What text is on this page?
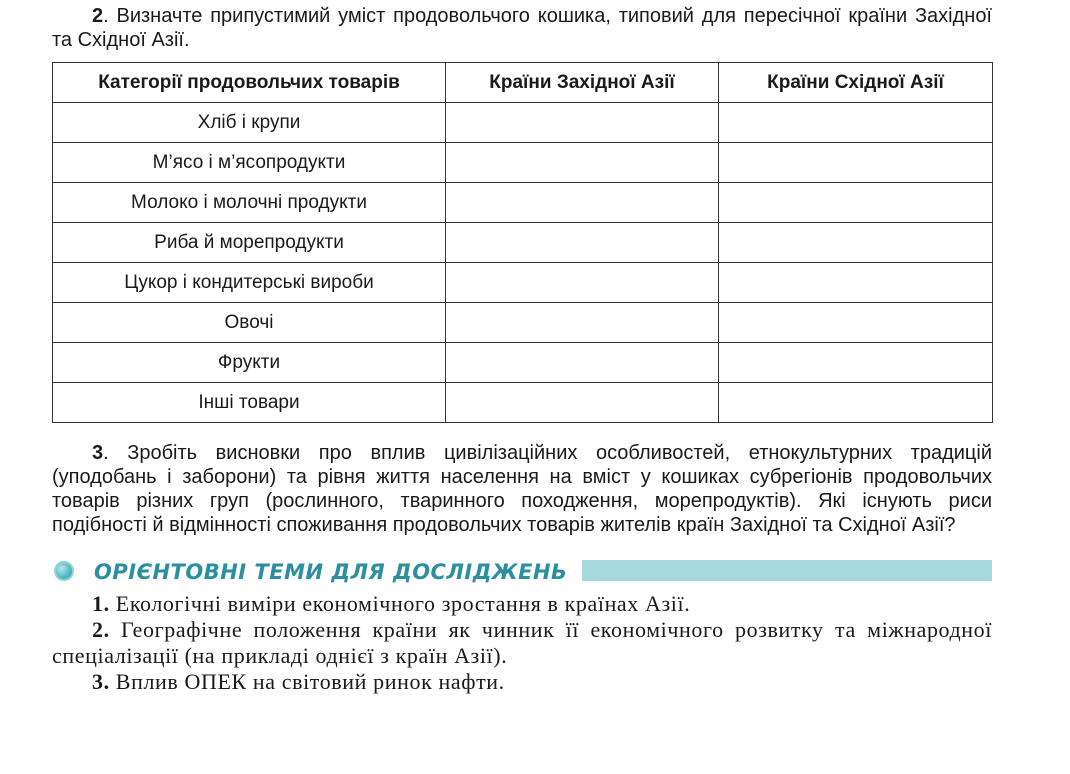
2. Визначте припустимий уміст продовольчого кошика, типовий для пересічної країни Західної та Східної Азії.

Категорії продовольчих товарів	Країни Західної Азії	Країни Східної Азії
Хліб і крупи		
М’ясо і м’ясопродукти		
Молоко і молочні продукти		
Риба й морепродукти		
Цукор і кондитерські вироби		
Овочі		
Фрукти		
Інші товари		

3. Зробіть висновки про вплив цивілізаційних особливостей, етнокультурних традицій (уподобань і заборони) та рівня життя населення на вміст у кошиках субрегіонів продовольчих товарів різних груп (рослинного, тваринного походження, морепродуктів). Які існують риси подібності й відмінності споживання продовольчих товарів жителів країн Західної та Східної Азії?

ОРІЄНТОВНІ ТЕМИ ДЛЯ ДОСЛІДЖЕНЬ

1. Екологічні виміри економічного зростання в країнах Азії.

2. Географічне положення країни як чинник її економічного розвитку та міжнародної спеціалізації (на прикладі однієї з країн Азії).

3. Вплив ОПЕК на світовий ринок нафти.
